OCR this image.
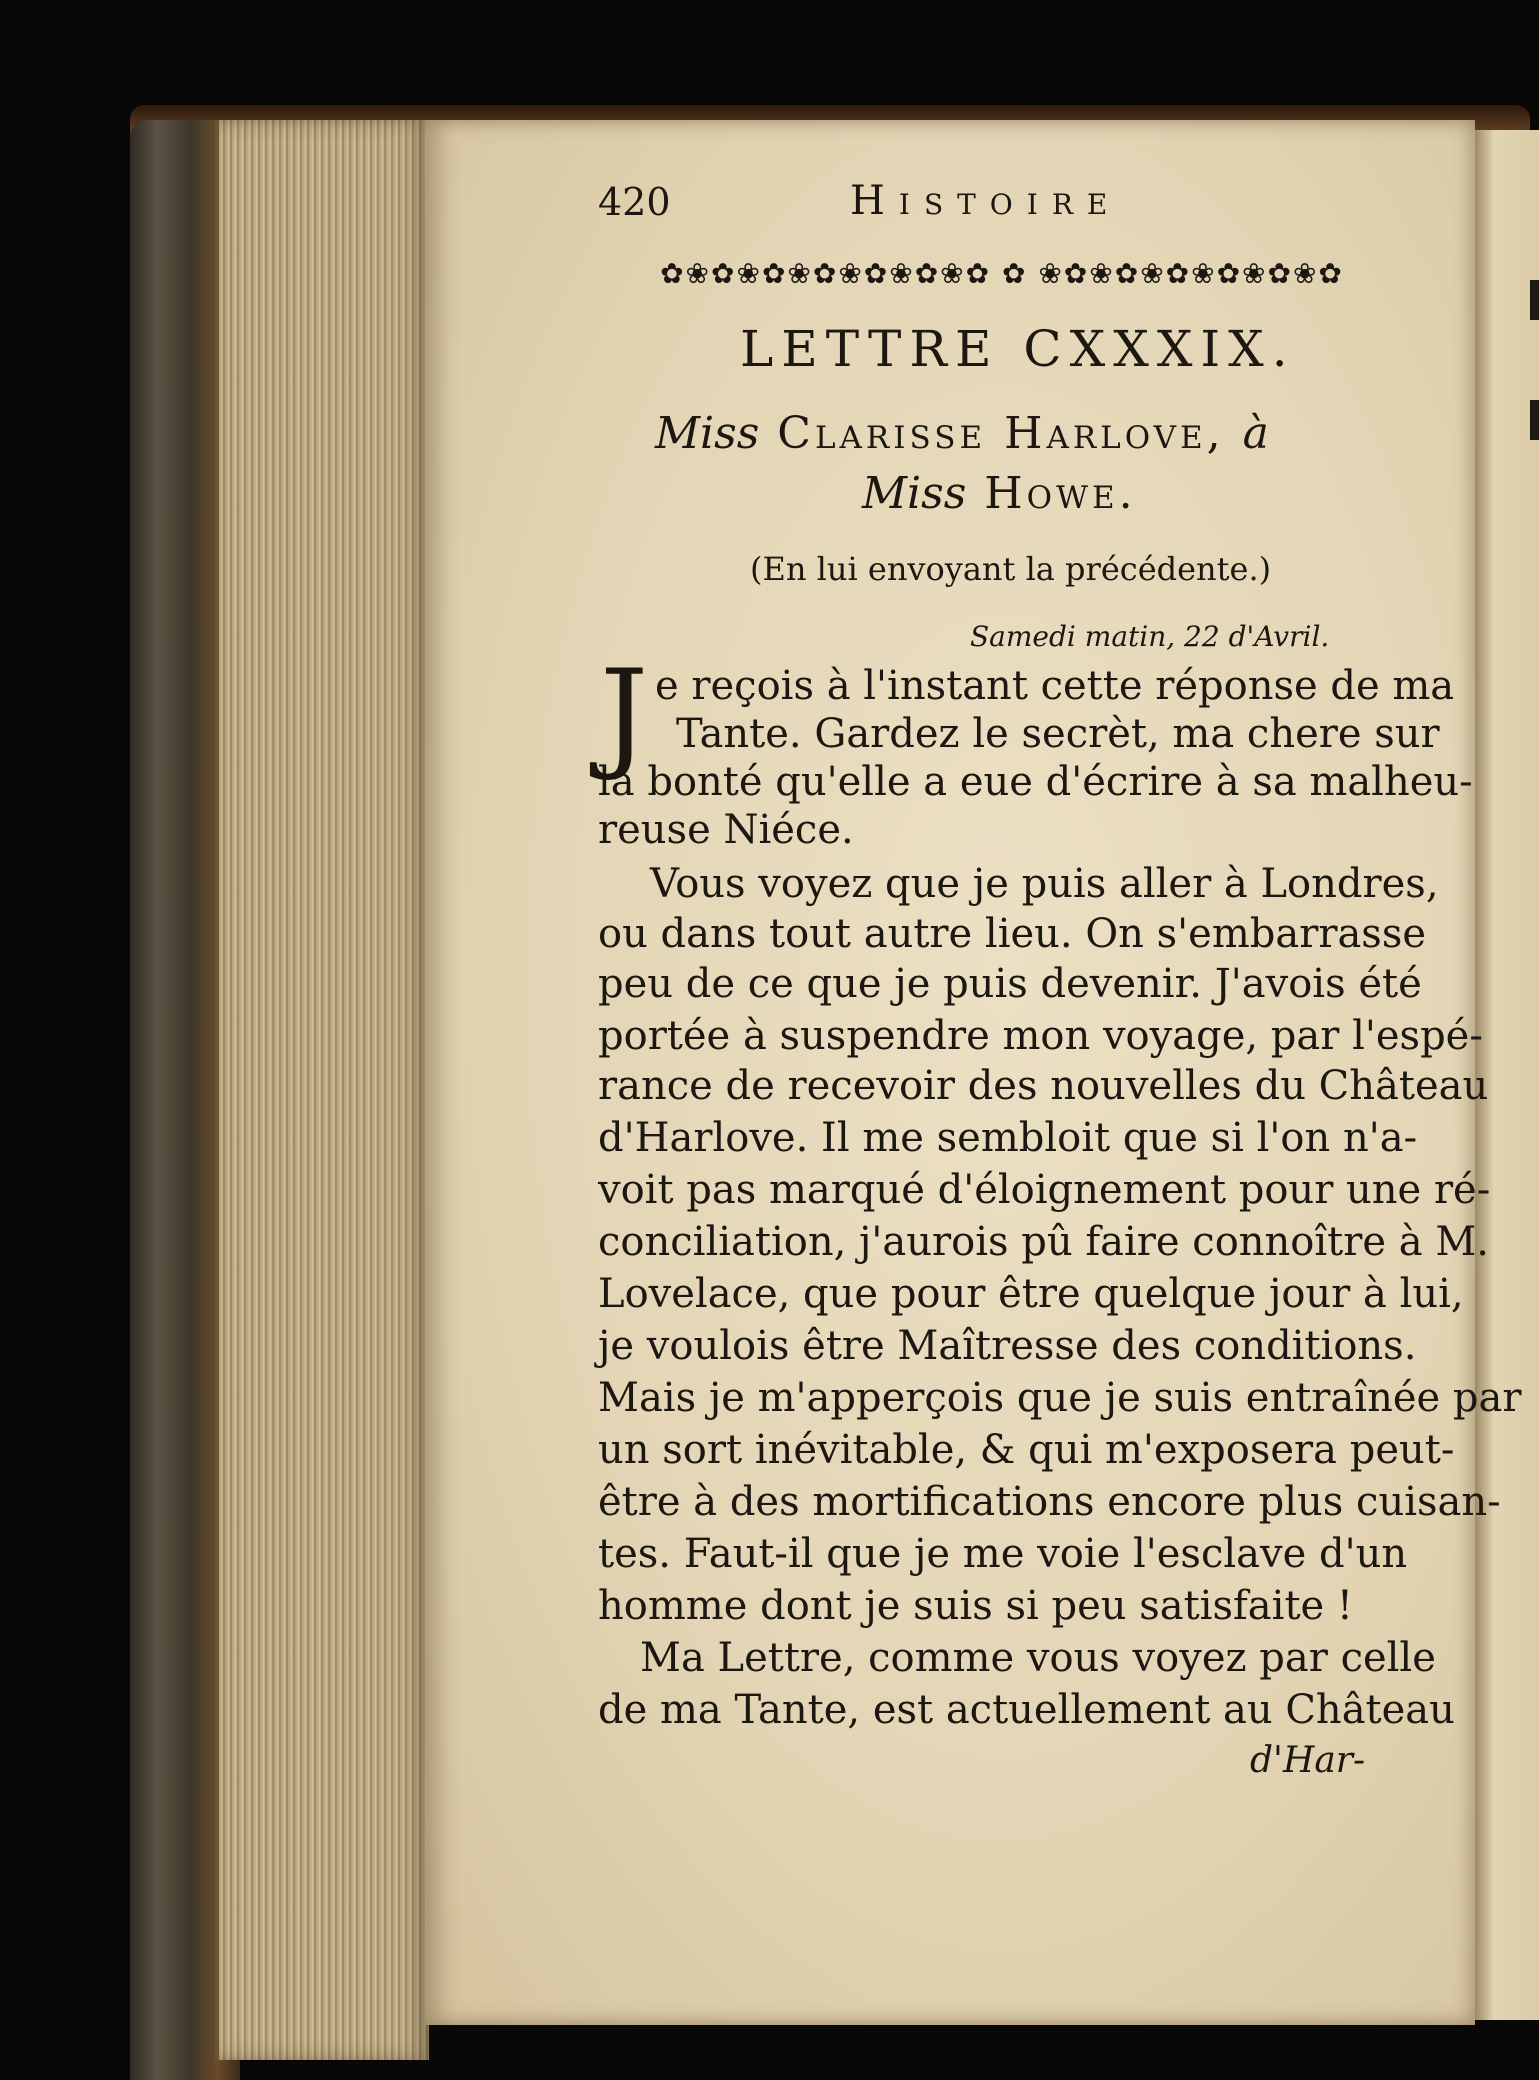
420	Histoire
✿❀✿❀✿❀✿❀✿❀✿❀✿ ✿ ❀✿❀✿❀✿❀✿❀✿❀✿
LETTRE CXXXIX.
Miss Clarisse Harlove, à
Miss Howe.
(En lui envoyant la précédente.)
Samedi matin, 22 d'Avril.
J e reçois à l'instant cette réponse de ma
Tante. Gardez le secrèt, ma chere sur
la bonté qu'elle a eue d'écrire à sa malheu-
reuse Niéce.
Vous voyez que je puis aller à Londres,
ou dans tout autre lieu. On s'embarrasse
peu de ce que je puis devenir. J'avois été
portée à suspendre mon voyage, par l'espé-
rance de recevoir des nouvelles du Château
d'Harlove. Il me sembloit que si l'on n'a-
voit pas marqué d'éloignement pour une ré-
conciliation, j'aurois pû faire connoître à M.
Lovelace, que pour être quelque jour à lui,
je voulois être Maîtresse des conditions.
Mais je m'apperçois que je suis entraînée par
un sort inévitable, & qui m'exposera peut-
être à des mortifications encore plus cuisan-
tes. Faut-il que je me voie l'esclave d'un
homme dont je suis si peu satisfaite !
Ma Lettre, comme vous voyez par celle
de ma Tante, est actuellement au Château
d'Har-
